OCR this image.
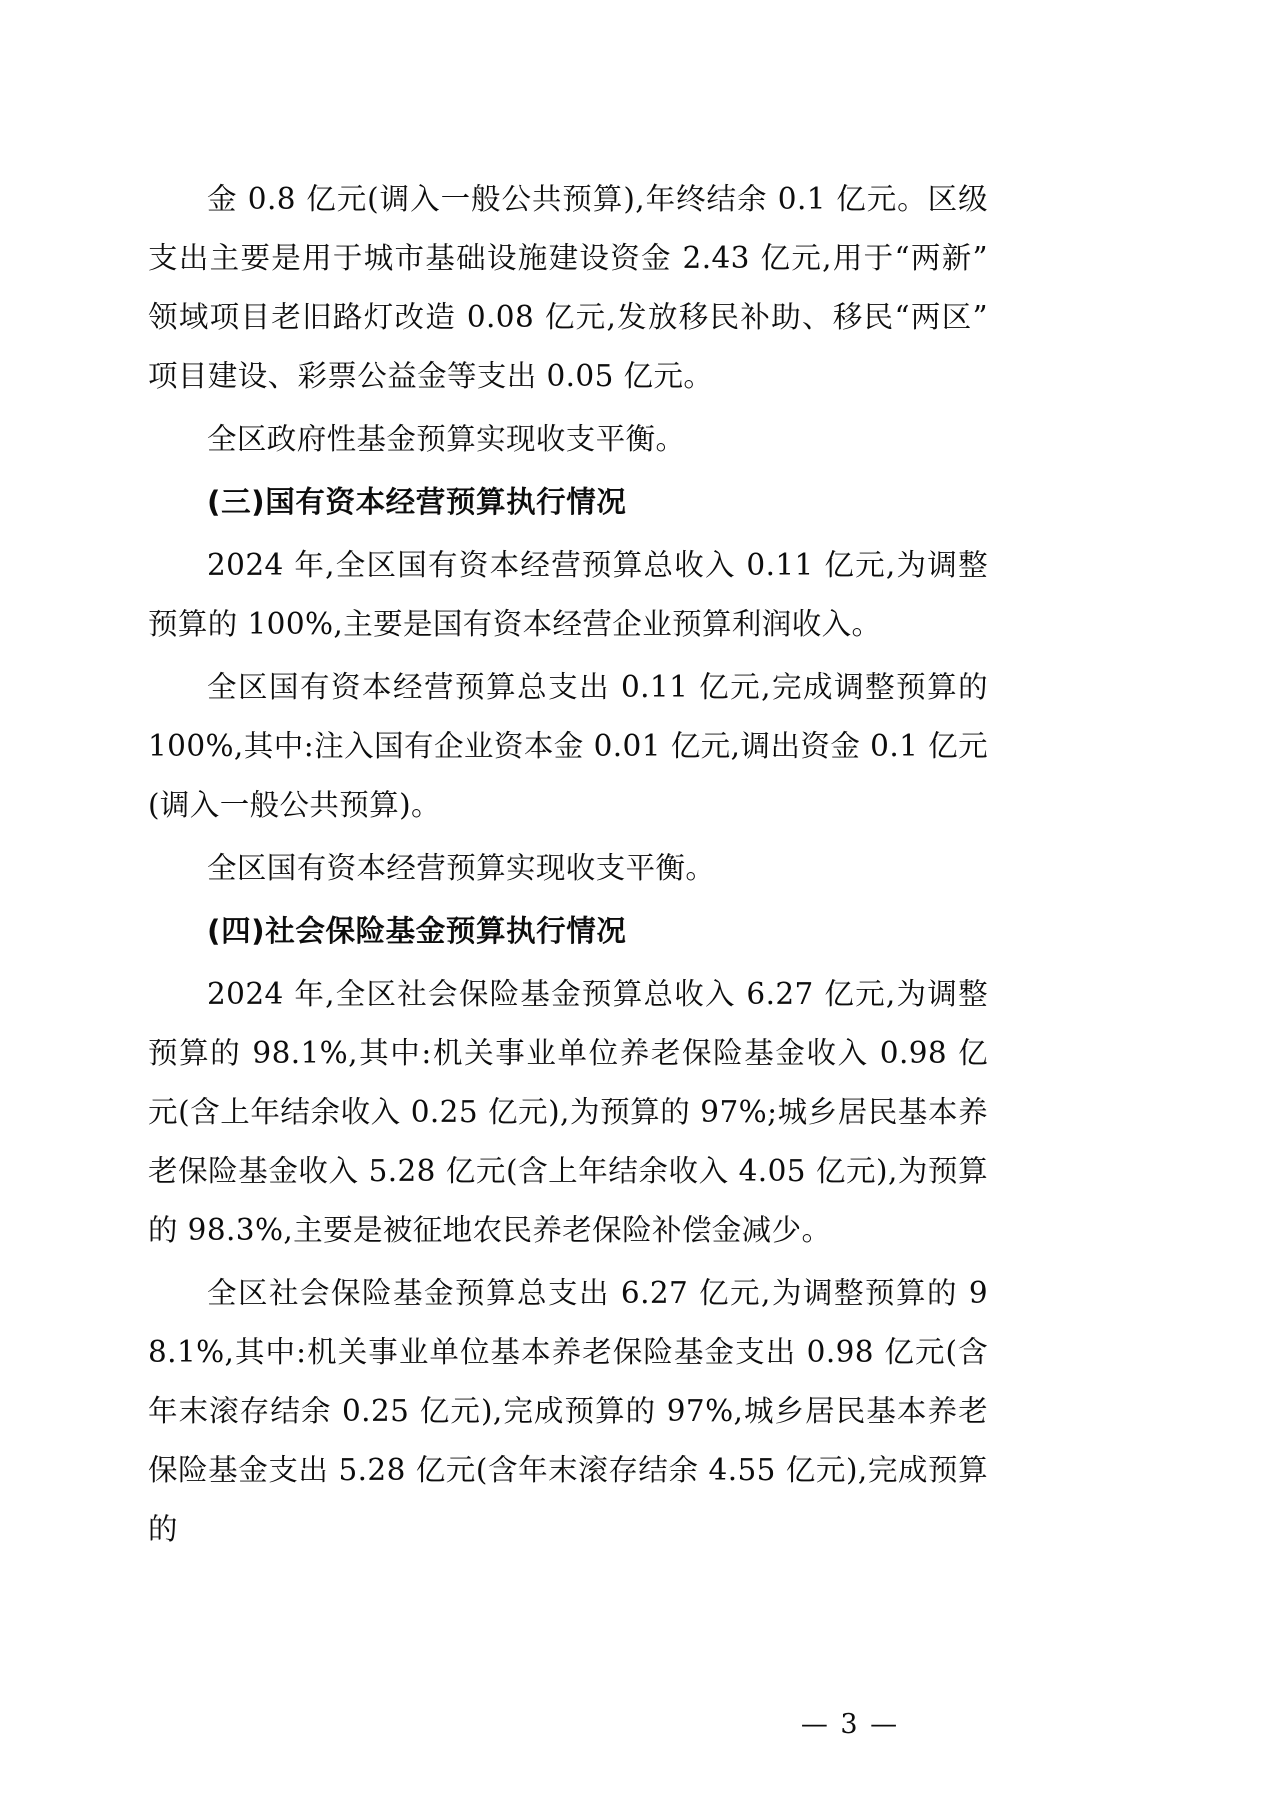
金 0.8 亿元(调入一般公共预算),年终结余 0.1 亿元。区级支出主要是用于城市基础设施建设资金 2.43 亿元,用于“两新”领域项目老旧路灯改造 0.08 亿元,发放移民补助、移民“两区”项目建设、彩票公益金等支出 0.05 亿元。

全区政府性基金预算实现收支平衡。

(三)国有资本经营预算执行情况

2024 年,全区国有资本经营预算总收入 0.11 亿元,为调整预算的 100%,主要是国有资本经营企业预算利润收入。

全区国有资本经营预算总支出 0.11 亿元,完成调整预算的 100%,其中:注入国有企业资本金 0.01 亿元,调出资金 0.1 亿元(调入一般公共预算)。

全区国有资本经营预算实现收支平衡。

(四)社会保险基金预算执行情况

2024 年,全区社会保险基金预算总收入 6.27 亿元,为调整预算的 98.1%,其中:机关事业单位养老保险基金收入 0.98 亿元(含上年结余收入 0.25 亿元),为预算的 97%;城乡居民基本养老保险基金收入 5.28 亿元(含上年结余收入 4.05 亿元),为预算的 98.3%,主要是被征地农民养老保险补偿金减少。

全区社会保险基金预算总支出 6.27 亿元,为调整预算的 98.1%,其中:机关事业单位基本养老保险基金支出 0.98 亿元(含年末滚存结余 0.25 亿元),完成预算的 97%,城乡居民基本养老保险基金支出 5.28 亿元(含年末滚存结余 4.55 亿元),完成预算的

— 3 —
